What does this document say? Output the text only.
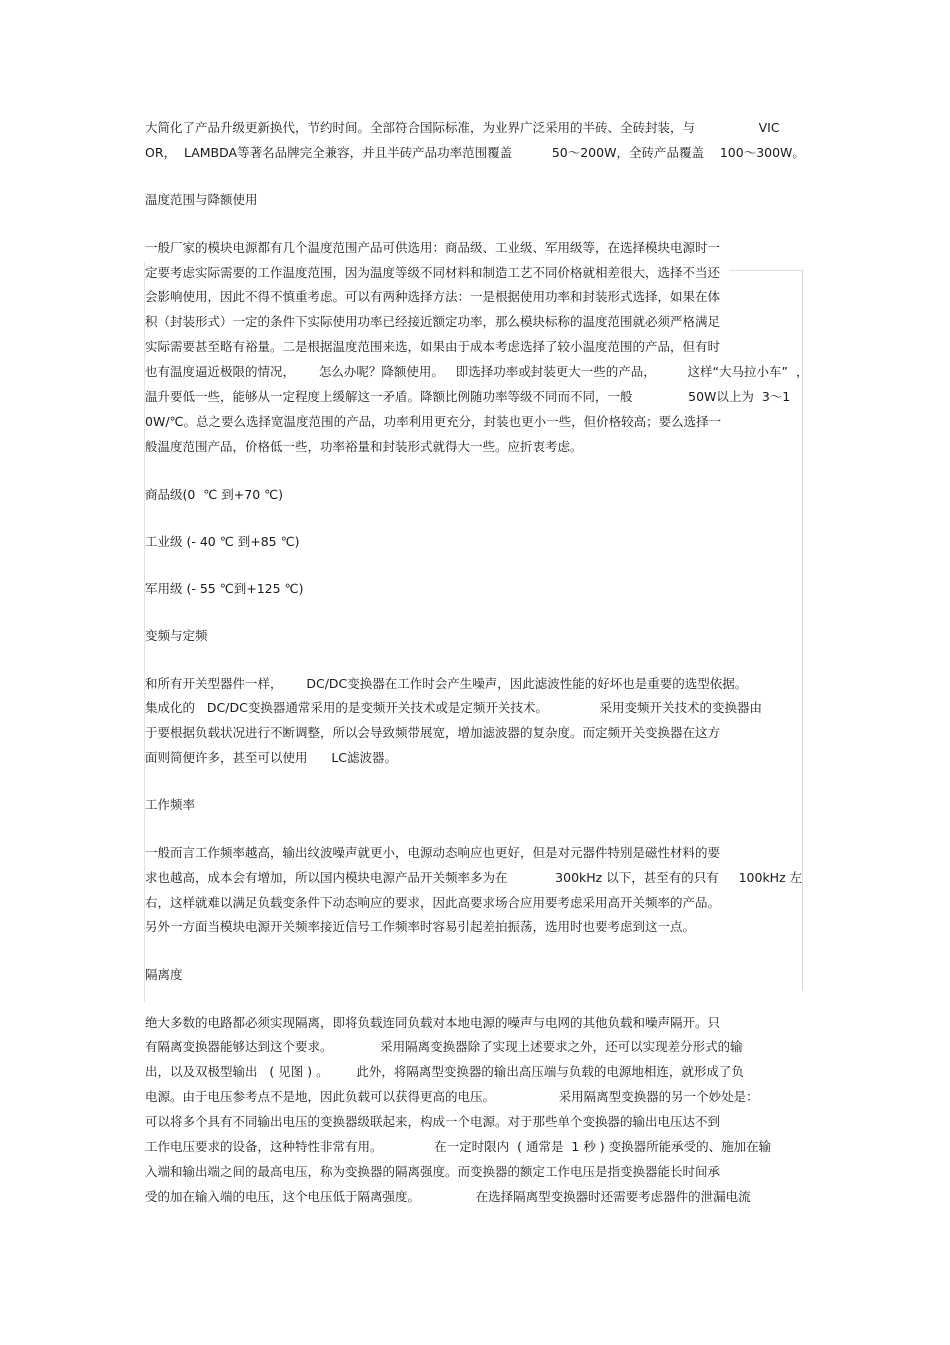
大简化了产品升级更新换代，节约时间。全部符合国际标准，为业界广泛采用的半砖、全砖封装，与                VIC
OR，  LAMBDA等著名品牌完全兼容，并且半砖产品功率范围覆盖          50～200W，全砖产品覆盖    100～300W。
温度范围与降额使用
一般厂家的模块电源都有几个温度范围产品可供选用：商品级、工业级、军用级等，在选择模块电源时一
定要考虑实际需要的工作温度范围，因为温度等级不同材料和制造工艺不同价格就相差很大，选择不当还
会影响使用，因此不得不慎重考虑。可以有两种选择方法：一是根据使用功率和封装形式选择，如果在体
积（封装形式）一定的条件下实际使用功率已经接近额定功率，那么模块标称的温度范围就必须严格满足
实际需要甚至略有裕量。二是根据温度范围来选，如果由于成本考虑选择了较小温度范围的产品，但有时
也有温度逼近极限的情况，      怎么办呢？降额使用。   即选择功率或封装更大一些的产品，        这样“大马拉小车”  ，
温升要低一些，能够从一定程度上缓解这一矛盾。降额比例随功率等级不同而不同，一般              50W以上为  3～1
0W/℃。总之要么选择宽温度范围的产品，功率利用更充分，封装也更小一些，但价格较高；要么选择一
般温度范围产品，价格低一些，功率裕量和封装形式就得大一些。应折衷考虑。
商品级(0  ℃ 到+70 ℃)
工业级 (- 40 ℃ 到+85 ℃)
军用级 (- 55 ℃到+125 ℃)
变频与定频
和所有开关型器件一样，      DC/DC变换器在工作时会产生噪声，因此滤波性能的好坏也是重要的选型依据。
集成化的   DC/DC变换器通常采用的是变频开关技术或是定频开关技术。             采用变频开关技术的变换器由
于要根据负载状况进行不断调整，所以会导致频带展宽，增加滤波器的复杂度。而定频开关变换器在这方
面则简便许多，甚至可以使用      LC滤波器。
工作频率
一般而言工作频率越高，输出纹波噪声就更小，电源动态响应也更好，但是对元器件特别是磁性材料的要
求也越高，成本会有增加，所以国内模块电源产品开关频率多为在            300kHz 以下，甚至有的只有     100kHz 左
右，这样就难以满足负载变条件下动态响应的要求，因此高要求场合应用要考虑采用高开关频率的产品。
另外一方面当模块电源开关频率接近信号工作频率时容易引起差拍振荡，选用时也要考虑到这一点。
隔离度
绝大多数的电路都必须实现隔离，即将负载连同负载对本地电源的噪声与电网的其他负载和噪声隔开。只
有隔离变换器能够达到这个要求。            采用隔离变换器除了实现上述要求之外，还可以实现差分形式的输
出，以及双极型输出   ( 见图 ) 。       此外，将隔离型变换器的输出高压端与负载的电源地相连，就形成了负
电源。由于电压参考点不是地，因此负载可以获得更高的电压。                采用隔离型变换器的另一个妙处是：
可以将多个具有不同输出电压的变换器级联起来，构成一个电源。对于那些单个变换器的输出电压达不到
工作电压要求的设备，这种特性非常有用。             在一定时限内  ( 通常是  1 秒 ) 变换器所能承受的、施加在输
入端和输出端之间的最高电压，称为变换器的隔离强度。而变换器的额定工作电压是指变换器能长时间承
受的加在输入端的电压，这个电压低于隔离强度。              在选择隔离型变换器时还需要考虑器件的泄漏电流
